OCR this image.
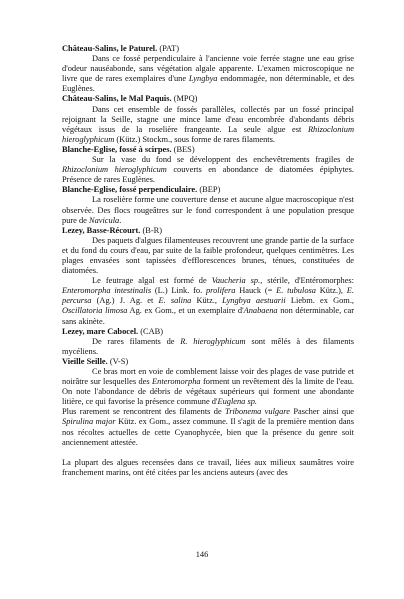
Château-Salins, le Paturel. (PAT)

Dans ce fossé perpendiculaire à l'ancienne voie ferrée stagne une eau grise d'odeur nauséabonde, sans végétation algale apparente. L'examen microscopique ne livre que de rares exemplaires d'une Lyngbya endommagée, non déterminable, et des Euglènes.

Château-Salins, le Mal Paquis. (MPQ)

Dans cet ensemble de fossés parallèles, collectés par un fossé principal rejoignant la Seille, stagne une mince lame d'eau encombrée d'abondants débris végétaux issus de la roselière frangeante. La seule algue est Rhizoclonium hieroglyphicum (Kütz.) Stockm., sous forme de rares filaments.

Blanche-Eglise, fossé à scirpes. (BES)

Sur la vase du fond se développent des enchevêtrements fragiles de Rhizoclonium hieroglyphicum couverts en abondance de diatomées épiphytes. Présence de rares Euglènes.

Blanche-Eglise, fossé perpendiculaire. (BEP)

La roselière forme une couverture dense et aucune algue macroscopique n'est observée. Des flocs rougeâtres sur le fond correspondent à une population presque pure de Navicula.

Lezey, Basse-Récourt. (B-R)

Des paquets d'algues filamenteuses recouvrent une grande partie de la surface et du fond du cours d'eau, par suite de la faible profondeur, quelques centimètres. Les plages envasées sont tapissées d'efflorescences brunes, ténues, constituées de diatomées.

Le feutrage algal est formé de Vaucheria sp., stérile, d'Entéromorphes: Enteromorpha intestinalis (L.) Link. fo. prolifera Hauck (= E. tubulosa Kütz.), E. percursa (Ag.) J. Ag. et E. salina Kütz., Lyngbya aestuarii Liebm. ex Gom., Oscillatoria limosa Ag. ex Gom., et un exemplaire d'Anabaena non déterminable, car sans akinète.

Lezey, mare Cabocel. (CAB)

De rares filaments de R. hieroglyphicum sont mêlés à des filaments mycéliens.

Vieille Seille. (V-S)

Ce bras mort en voie de comblement laisse voir des plages de vase putride et noirâtre sur lesquelles des Enteromorpha forment un revêtement dès la limite de l'eau. On note l'abondance de débris de végétaux supérieurs qui forment une abondante litière, ce qui favorise la présence commune d'Euglena sp.

Plus rarement se rencontrent des filaments de Tribonema vulgare Pascher ainsi que Spirulina major Kütz. ex Gom., assez commune. Il s'agit de la première mention dans nos récoltes actuelles de cette Cyanophycée, bien que la présence du genre soit anciennement attestée.

La plupart des algues recensées dans ce travail, liées aux milieux saumâtres voire franchement marins, ont été citées par les anciens auteurs (avec des

146
